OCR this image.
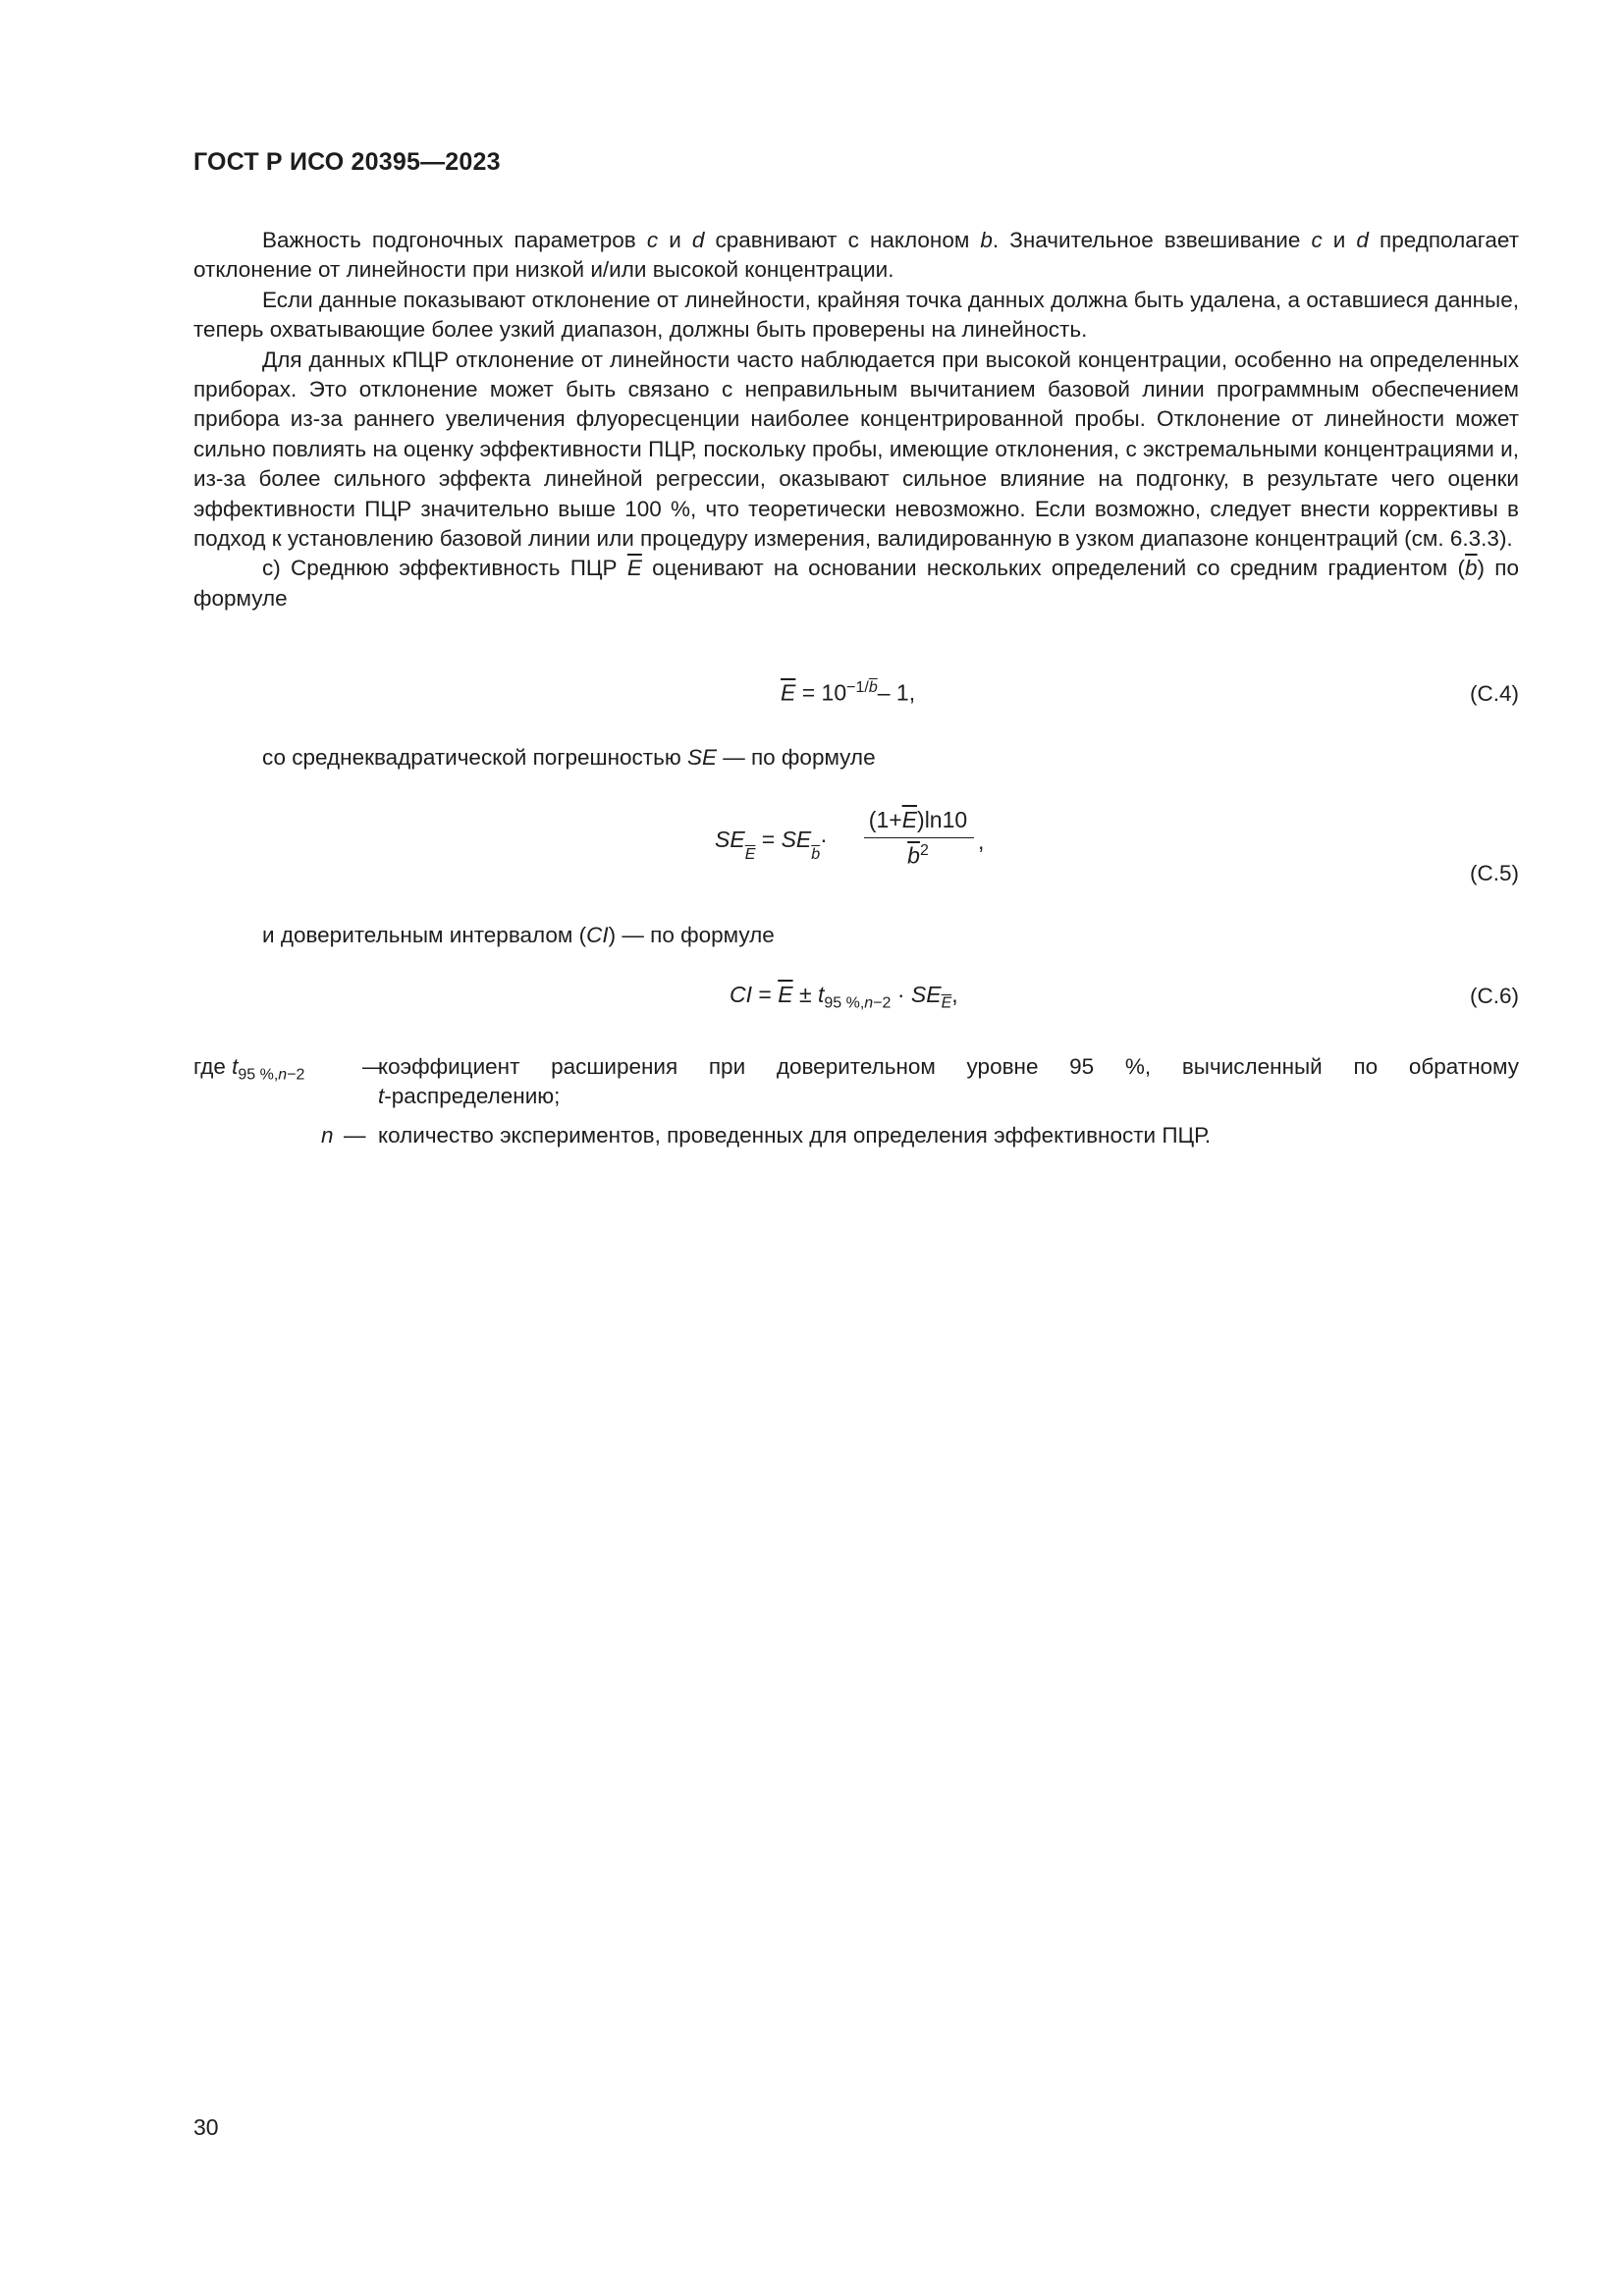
ГОСТ Р ИСО 20395—2023

Важность подгоночных параметров c и d сравнивают с наклоном b. Значительное взвешивание c и d предполагает отклонение от линейности при низкой и/или высокой концентрации.

Если данные показывают отклонение от линейности, крайняя точка данных должна быть удалена, а оставшиеся данные, теперь охватывающие более узкий диапазон, должны быть проверены на линейность.

Для данных кПЦР отклонение от линейности часто наблюдается при высокой концентрации, особенно на определенных приборах. Это отклонение может быть связано с неправильным вычитанием базовой линии программным обеспечением прибора из-за раннего увеличения флуоресценции наиболее концентрированной пробы. Отклонение от линейности может сильно повлиять на оценку эффективности ПЦР, поскольку пробы, имеющие отклонения, с экстремальными концентрациями и, из-за более сильного эффекта линейной регрессии, оказывают сильное влияние на подгонку, в результате чего оценки эффективности ПЦР значительно выше 100 %, что теоретически невозможно. Если возможно, следует внести коррективы в подход к установлению базовой линии или процедуру измерения, валидированную в узком диапазоне концентраций (см. 6.3.3).

c) Среднюю эффективность ПЦР $\overline{E}$ оценивают на основании нескольких определений со средним градиентом $(\overline{b})$ по формуле

$\overline{E} = 10^{-1/\overline{b}}-$ 1,	(C.4)
со среднеквадратической погрешностью SE — по формуле
$SE_{\overline{E}} = SE_{\overline{b}}\cdot$
$(1+\overline{E})\ln 10$
$\overline{b}^2$	,
(C.5)
и доверительным интервалом (CI) — по формуле
CI = $\overline{E} \pm t_{95 \%,n-2} \cdot SE_{\overline{E}}$,	(C.6)
где $t_{95 \%,n-2}$	—
коэффициент расширения при доверительном уровне 95 %, вычисленный по обратному
t-распределению;
n — количество экспериментов, проведенных для определения эффективности ПЦР.
30
